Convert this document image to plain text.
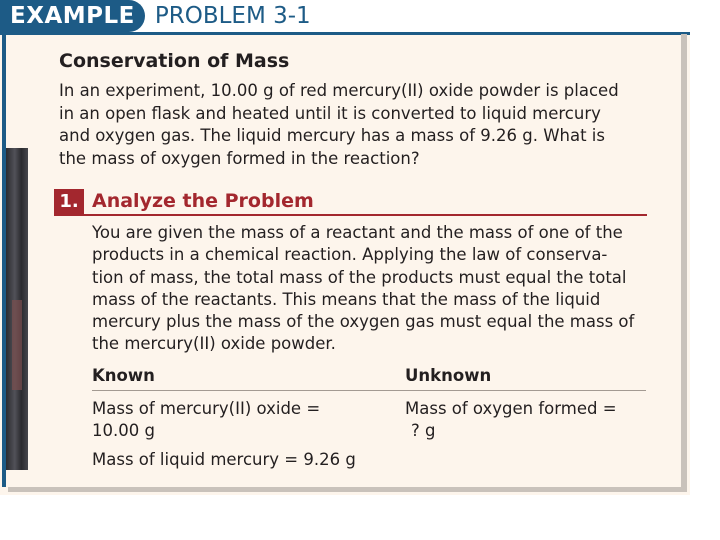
EXAMPLE PROBLEM 3-1
Conservation of Mass
In an experiment, 10.00 g of red mercury(II) oxide powder is placed
in an open flask and heated until it is converted to liquid mercury
and oxygen gas. The liquid mercury has a mass of 9.26 g. What is
the mass of oxygen formed in the reaction?
1. Analyze the Problem
You are given the mass of a reactant and the mass of one of the
products in a chemical reaction. Applying the law of conserva-
tion of mass, the total mass of the products must equal the total
mass of the reactants. This means that the mass of the liquid
mercury plus the mass of the oxygen gas must equal the mass of
the mercury(II) oxide powder.
Known	Unknown
Mass of mercury(II) oxide =
10.00 g
Mass of liquid mercury = 9.26 g
Mass of oxygen formed =
? g
